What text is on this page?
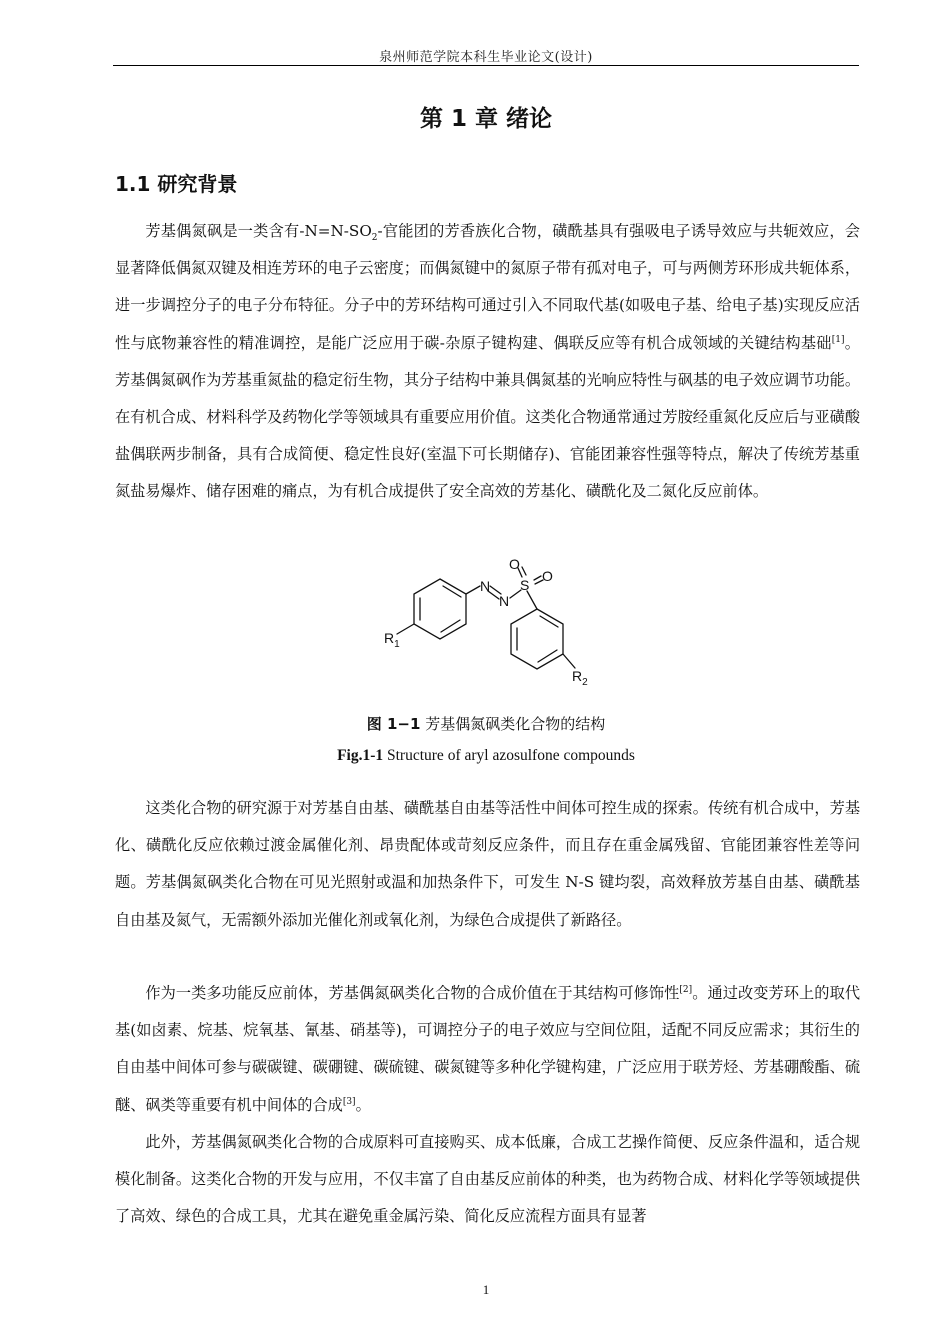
泉州师范学院本科生毕业论文(设计)
第 1 章 绪论
1.1 研究背景
芳基偶氮砜是一类含有$-N=N-SO_2-$官能团的芳香族化合物，磺酰基具有强吸电子诱导效应与共轭效应，会显著降低偶氮双键及相连芳环的电子云密度；而偶氮键中的氮原子带有孤对电子，可与两侧芳环形成共轭体系，进一步调控分子的电子分布特征。分子中的芳环结构可通过引入不同取代基(如吸电子基、给电子基)实现反应活性与底物兼容性的精准调控，是能广泛应用于碳-杂原子键构建、偶联反应等有机合成领域的关键结构基础[1]。芳基偶氮砜作为芳基重氮盐的稳定衍生物，其分子结构中兼具偶氮基的光响应特性与砜基的电子效应调节功能。在有机合成、材料科学及药物化学等领域具有重要应用价值。这类化合物通常通过芳胺经重氮化反应后与亚磺酸盐偶联两步制备，具有合成简便、稳定性良好(室温下可长期储存)、官能团兼容性强等特点，解决了传统芳基重氮盐易爆炸、储存困难的痛点，为有机合成提供了安全高效的芳基化、磺酰化及二氮化反应前体。
N
N
S
O
O
$R_1$
$R_2$
图 1−1 芳基偶氮砜类化合物的结构
Fig.1-1 Structure of aryl azosulfone compounds
这类化合物的研究源于对芳基自由基、磺酰基自由基等活性中间体可控生成的探索。传统有机合成中，芳基化、磺酰化反应依赖过渡金属催化剂、昂贵配体或苛刻反应条件，而且存在重金属残留、官能团兼容性差等问题。芳基偶氮砜类化合物在可见光照射或温和加热条件下，可发生 N-S 键均裂，高效释放芳基自由基、磺酰基自由基及氮气，无需额外添加光催化剂或氧化剂，为绿色合成提供了新路径。
作为一类多功能反应前体，芳基偶氮砜类化合物的合成价值在于其结构可修饰性[2]。通过改变芳环上的取代基(如卤素、烷基、烷氧基、氰基、硝基等)，可调控分子的电子效应与空间位阻，适配不同反应需求；其衍生的自由基中间体可参与碳碳键、碳硼键、碳硫键、碳氮键等多种化学键构建，广泛应用于联芳烃、芳基硼酸酯、硫醚、砜类等重要有机中间体的合成[3]。
此外，芳基偶氮砜类化合物的合成原料可直接购买、成本低廉，合成工艺操作简便、反应条件温和，适合规模化制备。这类化合物的开发与应用，不仅丰富了自由基反应前体的种类，也为药物合成、材料化学等领域提供了高效、绿色的合成工具，尤其在避免重金属污染、简化反应流程方面具有显著
1
